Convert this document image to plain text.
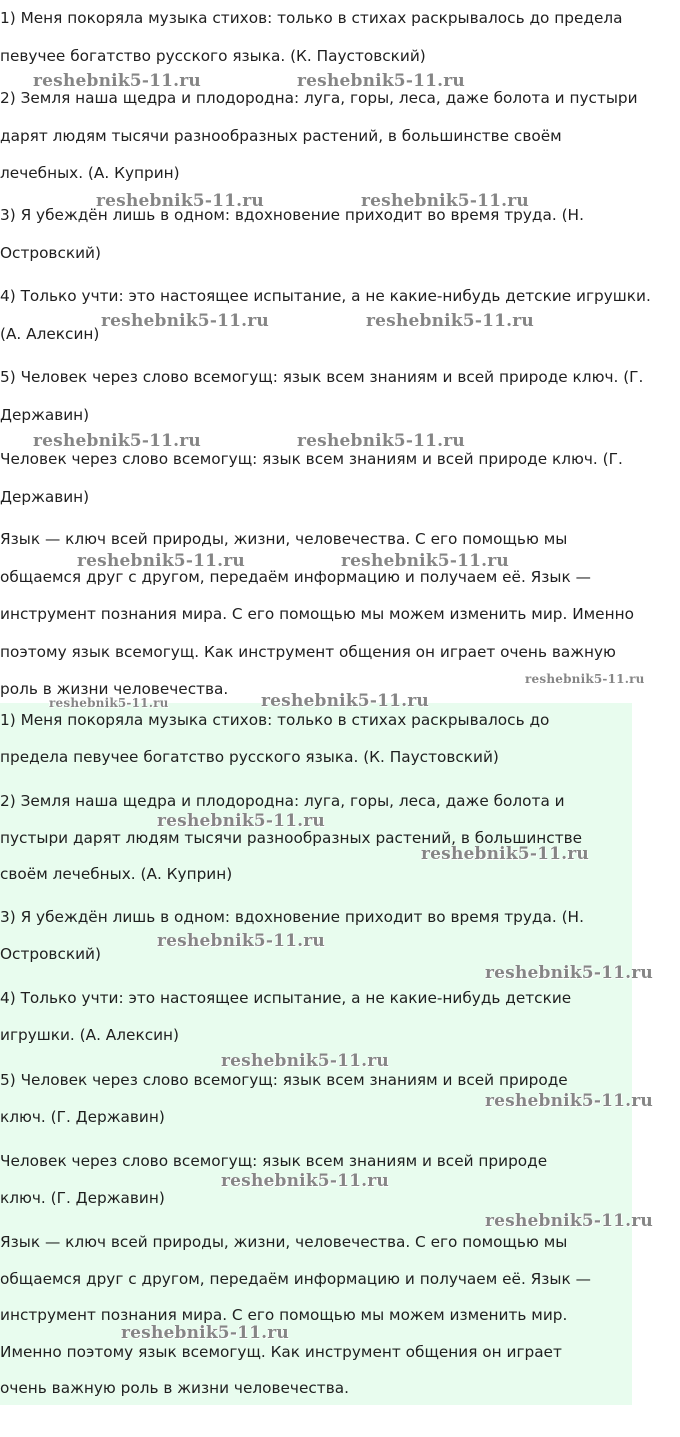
1) Меня покоряла музыка стихов: только в стихах раскрывалось до предела
певучее богатство русского языка. (К. Паустовский)

2) Земля наша щедра и плодородна: луга, горы, леса, даже болота и пустыри
дарят людям тысячи разнообразных растений, в большинстве своём
лечебных. (А. Куприн)

3) Я убеждён лишь в одном: вдохновение приходит во время труда. (Н.
Островский)

4) Только учти: это настоящее испытание, а не какие-нибудь детские игрушки.
(А. Алексин)

5) Человек через слово всемогущ: язык всем знаниям и всей природе ключ. (Г.
Державин)

Человек через слово всемогущ: язык всем знаниям и всей природе ключ. (Г.
Державин)

Язык — ключ всей природы, жизни, человечества. С его помощью мы
общаемся друг с другом, передаём информацию и получаем её. Язык —
инструмент познания мира. С его помощью мы можем изменить мир. Именно
поэтому язык всемогущ. Как инструмент общения он играет очень важную
роль в жизни человечества.

1) Меня покоряла музыка стихов: только в стихах раскрывалось до
предела певучее богатство русского языка. (К. Паустовский)

2) Земля наша щедра и плодородна: луга, горы, леса, даже болота и
пустыри дарят людям тысячи разнообразных растений, в большинстве
своём лечебных. (А. Куприн)

3) Я убеждён лишь в одном: вдохновение приходит во время труда. (Н.
Островский)

4) Только учти: это настоящее испытание, а не какие-нибудь детские
игрушки. (А. Алексин)

5) Человек через слово всемогущ: язык всем знаниям и всей природе
ключ. (Г. Державин)

Человек через слово всемогущ: язык всем знаниям и всей природе
ключ. (Г. Державин)

Язык — ключ всей природы, жизни, человечества. С его помощью мы
общаемся друг с другом, передаём информацию и получаем её. Язык —
инструмент познания мира. С его помощью мы можем изменить мир.
Именно поэтому язык всемогущ. Как инструмент общения он играет
очень важную роль в жизни человечества.

reshebnik5-11.ru	reshebnik5-11.ru
reshebnik5-11.ru	reshebnik5-11.ru
reshebnik5-11.ru	reshebnik5-11.ru
reshebnik5-11.ru	reshebnik5-11.ru
reshebnik5-11.ru	reshebnik5-11.ru
reshebnik5-11.ru
reshebnik5-11.ru	reshebnik5-11.ru
reshebnik5-11.ru
reshebnik5-11.ru
reshebnik5-11.ru
reshebnik5-11.ru
reshebnik5-11.ru
reshebnik5-11.ru
reshebnik5-11.ru
reshebnik5-11.ru
reshebnik5-11.ru
